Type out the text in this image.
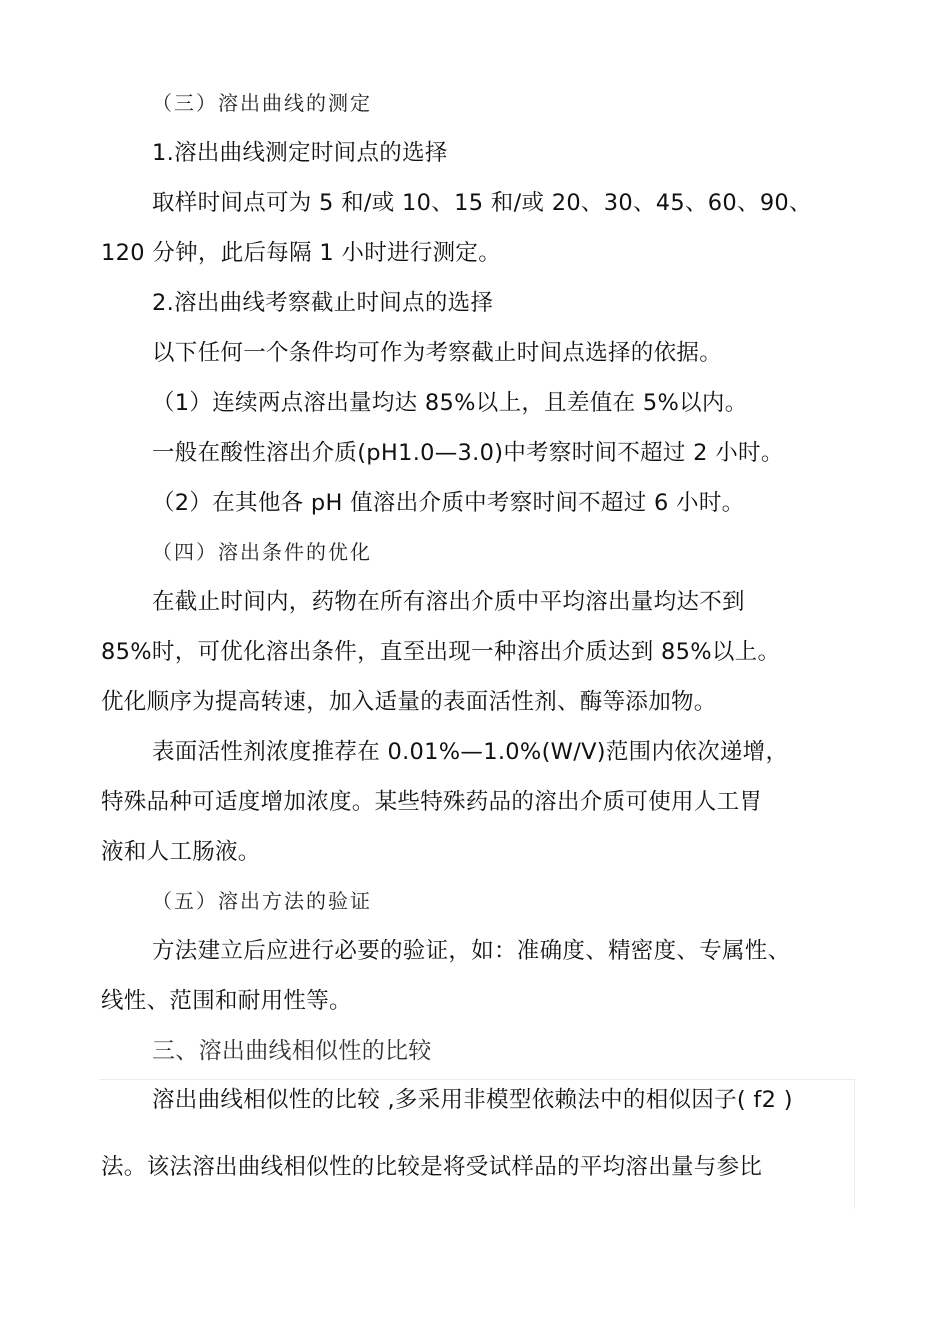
（三）溶出曲线的测定
1.溶出曲线测定时间点的选择
取样时间点可为 5 和/或 10、15 和/或 20、30、45、60、90、
120 分钟，此后每隔 1 小时进行测定。
2.溶出曲线考察截止时间点的选择
以下任何一个条件均可作为考察截止时间点选择的依据。
（1）连续两点溶出量均达 85%以上，且差值在 5%以内。
一般在酸性溶出介质(pH1.0—3.0)中考察时间不超过 2 小时。
（2）在其他各 pH 值溶出介质中考察时间不超过 6 小时。
（四）溶出条件的优化
在截止时间内，药物在所有溶出介质中平均溶出量均达不到
85%时，可优化溶出条件，直至出现一种溶出介质达到 85%以上。
优化顺序为提高转速，加入适量的表面活性剂、酶等添加物。
表面活性剂浓度推荐在 0.01%—1.0%(W/V)范围内依次递增，
特殊品种可适度增加浓度。某些特殊药品的溶出介质可使用人工胃
液和人工肠液。
（五）溶出方法的验证
方法建立后应进行必要的验证，如：准确度、精密度、专属性、
线性、范围和耐用性等。
三、溶出曲线相似性的比较
溶出曲线相似性的比较 ,多采用非模型依赖法中的相似因子( f2 )
法。该法溶出曲线相似性的比较是将受试样品的平均溶出量与参比
